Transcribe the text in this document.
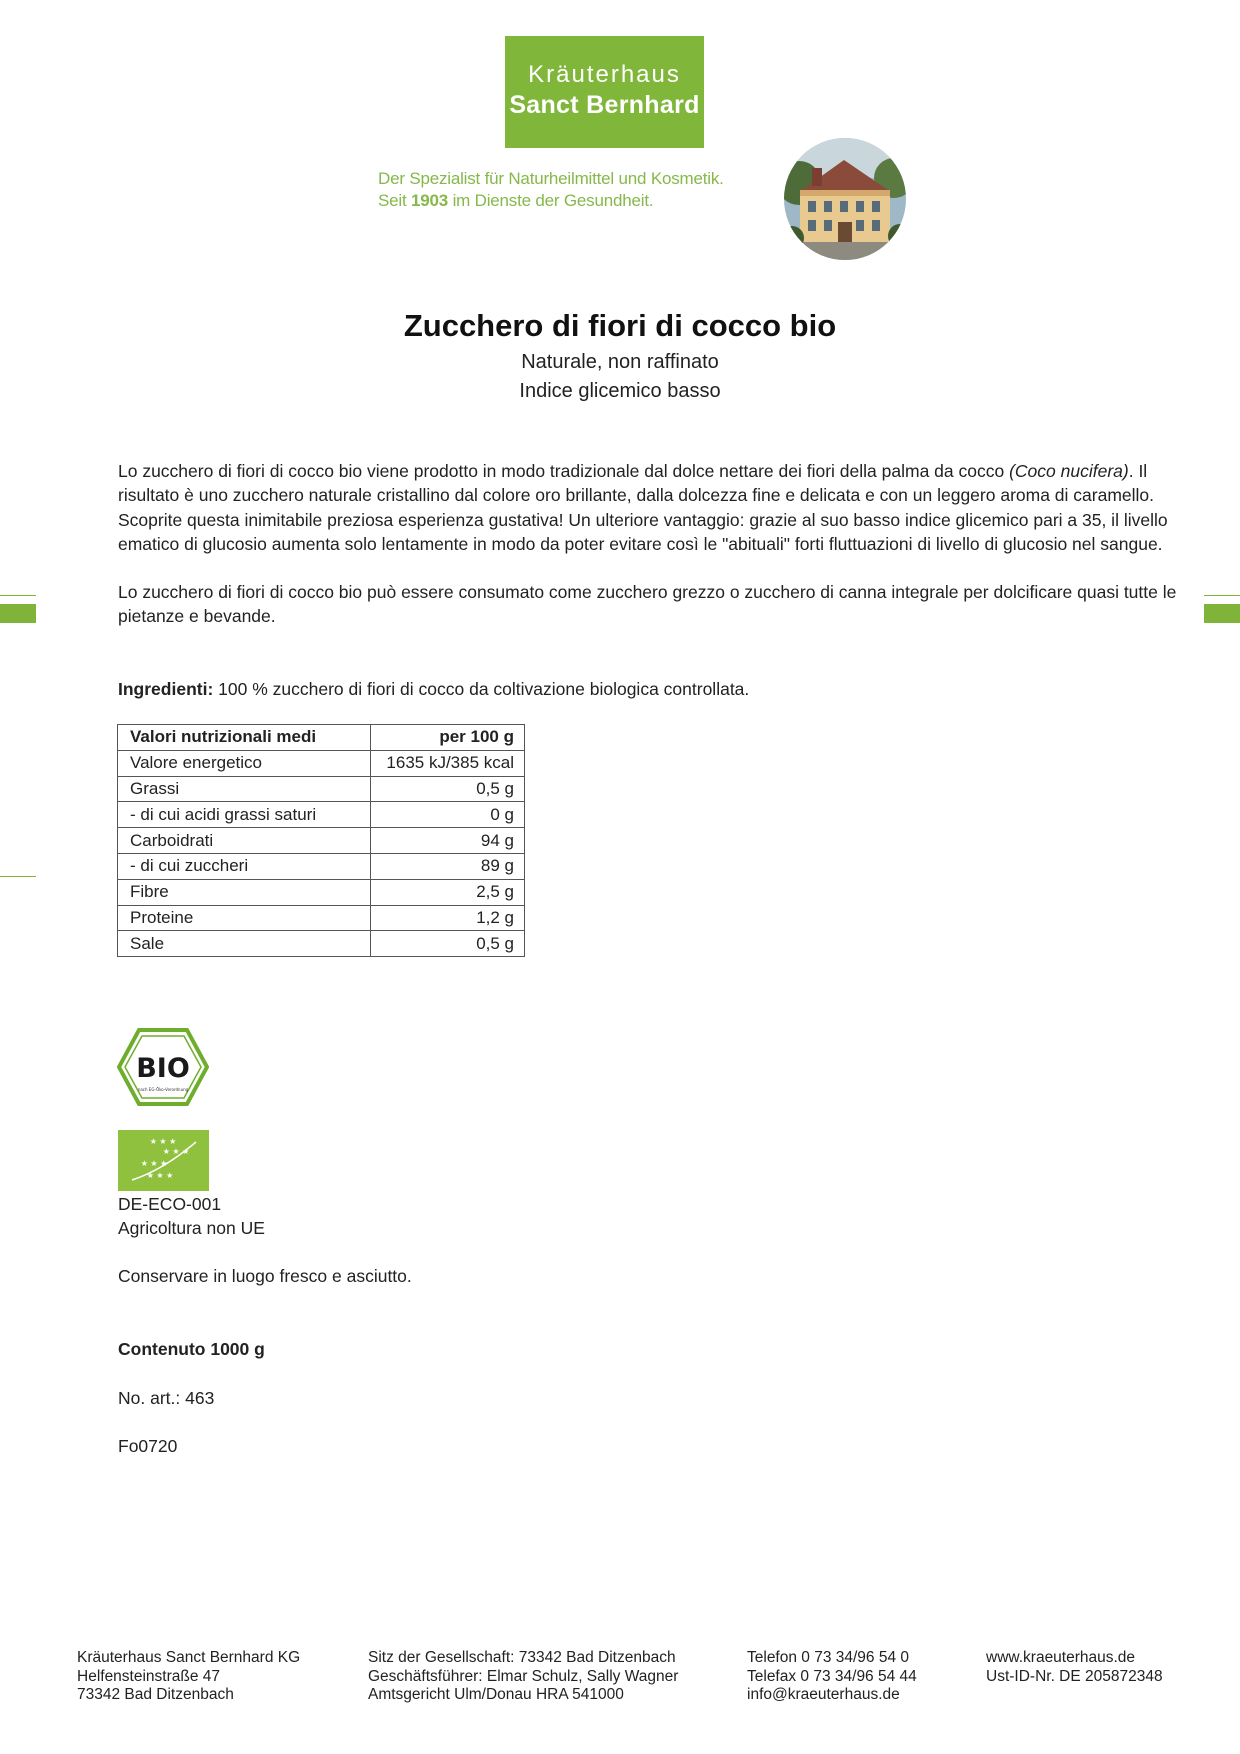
Kräuterhaus
Sanct Bernhard
Der Spezialist für Naturheilmittel und Kosmetik.
Seit 1903 im Dienste der Gesundheit.
Zucchero di fiori di cocco bio
Naturale, non raffinato
Indice glicemico basso

Lo zucchero di fiori di cocco bio viene prodotto in modo tradizionale dal dolce nettare dei fiori della palma da cocco (Coco nucifera). Il risultato è uno zucchero naturale cristallino dal colore oro brillante, dalla dolcezza fine e delicata e con un leggero aroma di caramello. Scoprite questa inimitabile preziosa esperienza gustativa! Un ulteriore vantaggio: grazie al suo basso indice glicemico pari a 35, il livello ematico di glucosio aumenta solo lentamente in modo da poter evitare così le "abituali" forti fluttuazioni di livello di glucosio nel sangue.

Lo zucchero di fiori di cocco bio può essere consumato come zucchero grezzo o zucchero di canna integrale per dolcificare quasi tutte le pietanze e bevande.

Ingredienti: 100 % zucchero di fiori di cocco da coltivazione biologica controllata.
Valori nutrizionali medi	per 100 g
Valore energetico	1635 kJ/385 kcal
Grassi	0,5 g
- di cui acidi grassi saturi	0 g
Carboidrati	94 g
- di cui zuccheri	89 g
Fibre	2,5 g
Proteine	1,2 g
Sale	0,5 g
BIO
nach EG-Öko-Verordnung
★ ★ ★
★ ★ ★
★ ★ ★
★ ★ ★
DE-ECO-001
Agricoltura non UE
Conservare in luogo fresco e asciutto.
Contenuto 1000 g
No. art.: 463
Fo0720
Kräuterhaus Sanct Bernhard KG
Helfensteinstraße 47
73342 Bad Ditzenbach
Sitz der Gesellschaft: 73342 Bad Ditzenbach
Geschäftsführer: Elmar Schulz, Sally Wagner
Amtsgericht Ulm/Donau HRA 541000
Telefon 0 73 34/96 54 0
Telefax 0 73 34/96 54 44
info@kraeuterhaus.de
www.kraeuterhaus.de
Ust-ID-Nr. DE 205872348
